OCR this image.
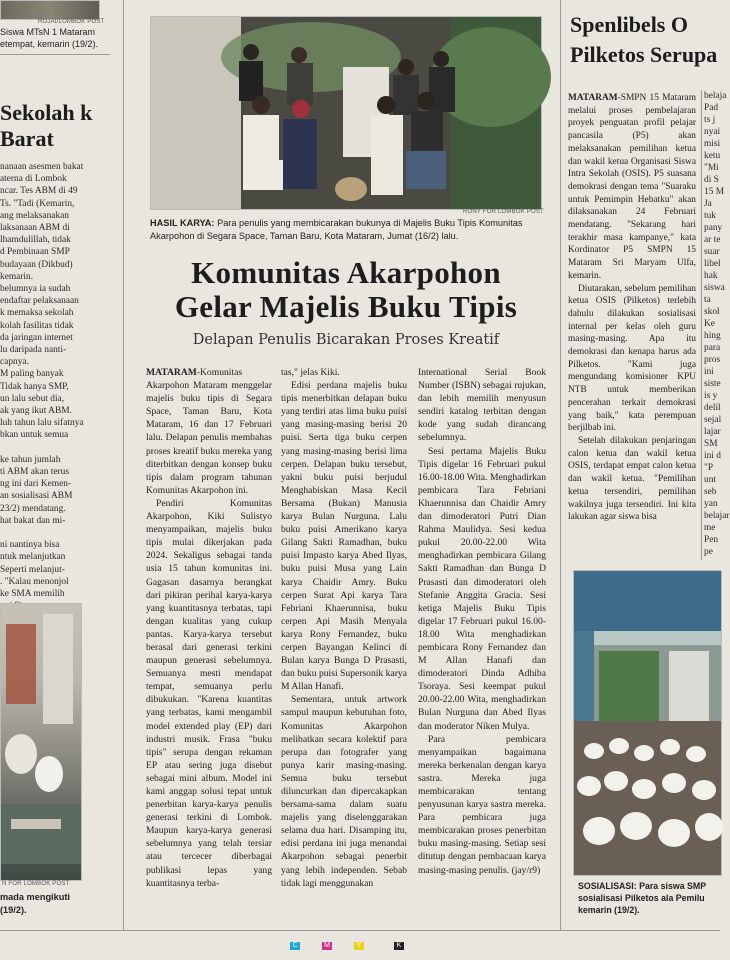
ROJAI/LOMBOK POST
Siswa MTsN 1 Mataram etempat, kemarin (19/2).
Sekolah k Barat
nanaan asesmen bakat
aterna di Lombok
ncar. Tes ABM di 49
Ts. "Tadi (Kemarin,
ang melaksanakan
laksanaan ABM di
lhamdulillah, tidak
d Pembinaan SMP
budayaan (Dikbud)
kemarin.
belumnya ia sudah
endaftar pelaksanaan
k memaksa sekolah
kolah fasilitas tidak
da jaringan internet
lu daripada nanti-
capnya.
M paling banyak
Tidak hanya SMP,
un lalu sebut dia,
ak yang ikut ABM.
luh tahun lalu sifatnya
bkan untuk semua
ke tahun jumlah
ti ABM akan terus
ng ini dari Kemen-
an sosialisasi ABM
23/2) mendatang.
hat bakat dan mi-
ni nantinya bisa
ntuk melanjutkan
Seperti melanjut-
. "Kalau menonjol
ke SMA memilih
N FOR LOMBOK POST
mada mengikuti (19/2).
RONY FOR LOMBOK POST
HASIL KARYA: Para penulis yang membicarakan bukunya di Majelis Buku Tipis Komunitas Akarpohon di Segara Space, Taman Baru, Kota Mataram, Jumat (16/2) lalu.
Komunitas Akarpohon
Gelar Majelis Buku Tipis
Delapan Penulis Bicarakan Proses Kreatif

MATARAM-Komunitas Akarpohon Mataram menggelar majelis buku tipis di Segara Space, Taman Baru, Kota Mataram, 16 dan 17 Februari lalu. Delapan penulis membahas proses kreatif buku mereka yang diterbitkan dengan konsep buku tipis dalam program tahunan Komunitas Akarpohon ini.

Pendiri Komunitas Akarpohon, Kiki Sulistyo menyampaikan, majelis buku tipis mulai dikerjakan pada 2024. Sekaligus sebagai tanda usia 15 tahun komunitas ini. Gagasan dasarnya berangkat dari pikiran perihal karya-karya yang kuantitasnya terbatas, tapi dengan kualitas yang cukup pantas. Karya-karya tersebut berasal dari generasi terkini maupun generasi sebelumnya. Semuanya mesti mendapat tempat, semuanya perlu dibukukan. "Karena kuantitas yang terbatas, kami mengambil model extended play (EP) dari industri musik. Frasa "buku tipis" serupa dengan rekaman EP atau sering juga disebut sebagai mini album. Model ini kami anggap solusi tepat untuk penerbitan karya-karya penulis generasi terkini di Lombok. Maupun karya-karya generasi sebelumnya yang telah tersiar atau tercecer diberbagai publikasi lepas yang kuantitasnya terba-

tas," jelas Kiki.

Edisi perdana majelis buku tipis menerbitkan delapan buku yang terdiri atas lima buku puisi yang masing-masing berisi 20 puisi. Serta tiga buku cerpen yang masing-masing berisi lima cerpen. Delapan buku tersebut, yakni buku puisi berjudul Menghabiskan Masa Kecil Bersama (Bukan) Manusia karya Bulan Nurguna. Lalu buku puisi Amerikano karya Gilang Sakti Ramadhan, buku puisi Impasto karya Abed Ilyas, buku puisi Musa yang Lain karya Chaidir Amry. Buku cerpen Surat Api karya Tara Febriani Khaerunnisa, buku cerpen Api Masih Menyala karya Rony Fernandez, buku cerpen Bayangan Kelinci di Bulan karya Bunga D Prasasti, dan buku puisi Supersonik karya M Allan Hanafi.

Sementara, untuk artwork sampul maupun kebutuhan foto, Komunitas Akarpohon melibatkan secara kolektif para perupa dan fotografer yang punya karir masing-masing. Semua buku tersebut diluncurkan dan dipercakapkan bersama-sama dalam suatu majelis yang diselenggarakan selama dua hari. Disamping itu, edisi perdana ini juga menandai Akarpohon sebagai penerbit yang lebih independen. Sebab tidak lagi menggunakan

International Serial Book Number (ISBN) sebagai rujukan, dan lebih memilih menyusun sendiri katalog terbitan dengan kode yang sudah dirancang sebelumnya.

Sesi pertama Majelis Buku Tipis digelar 16 Februari pukul 16.00-18.00 Wita. Menghadirkan pembicara Tara Febriani Khaerunnisa dan Chaidir Amry dan dimoderatori Putri Dian Rahma Maulidya. Sesi kedua pukul 20.00-22.00 Wita menghadirkan pembicara Gilang Sakti Ramadhan dan Bunga D Prasasti dan dimoderatori oleh Stefanie Anggita Gracia. Sesi ketiga Majelis Buku Tipis digelar 17 Februari pukul 16.00-18.00 Wita menghadirkan pembicara Rony Fernandez dan M Allan Hanafi dan dimoderatori Dinda Adhiba Tsoraya. Sesi keempat pukul 20.00-22.00 Wita, menghadirkan Bulan Nurguna dan Abed Ilyas dan moderator Niken Mulya.

Para pembicara menyampaikan bagaimana mereka berkenalan dengan karya sastra. Mereka juga membicarakan tentang penyusunan karya sastra mereka. Para pembicara juga membicarakan proses penerbitan buku masing-masing. Setiap sesi ditutup dengan pembacaan karya masing-masing penulis. (jay/r9)

Spenlibels O
Pilketos Serupa

MATARAM-SMPN 15 Mataram melalui proses pembelajaran proyek penguatan profil pelajar pancasila (P5) akan melaksanakan pemilihan ketua dan wakil ketua Organisasi Siswa Intra Sekolah (OSIS). P5 suasana demokrasi dengan tema "Suaraku untuk Pemimpin Hebatku" akan dilaksanakan 24 Februari mendatang. "Sekarang hari terakhir masa kampanye," kata Kordinator P5 SMPN 15 Mataram Sri Maryam Ulfa, kemarin.

Diutarakan, sebelum pemilihan ketua OSIS (Pilketos) terlebih dahulu dilakukan sosialisasi internal per kelas oleh guru masing-masing. Apa itu demokrasi dan kenapa harus ada Pilketos. "Kami juga mengundang komisioner KPU NTB untuk memberikan pencerahan terkait demokrasi yang baik," kata perempuan berjilbab ini.

Setelah dilakukan penjaringan calon ketua dan wakil ketua OSIS, terdapat empat calon ketua dan wakil ketua. "Pemilihan ketua tersendiri, pemilihan wakilnya juga tersendiri. Ini kita lakukan agar siswa bisa

belaja
Pad
ts j
nyai
misi
ketu
"Mi
di S
15 M
Ja
tuk
pany
ar te
suar
libel
hak
siswa
ta
skol
Ke
hing
para
pros
ini
siste
is y
delil
sejal
lajar
SM
ini d
"P
unt
seb
yan
belajar
me
Pen
pe
SOSIALISASI: Para siswa SMP sosialisasi Pilketos ala Pemilu kemarin (19/2).
C	M	Y	K
